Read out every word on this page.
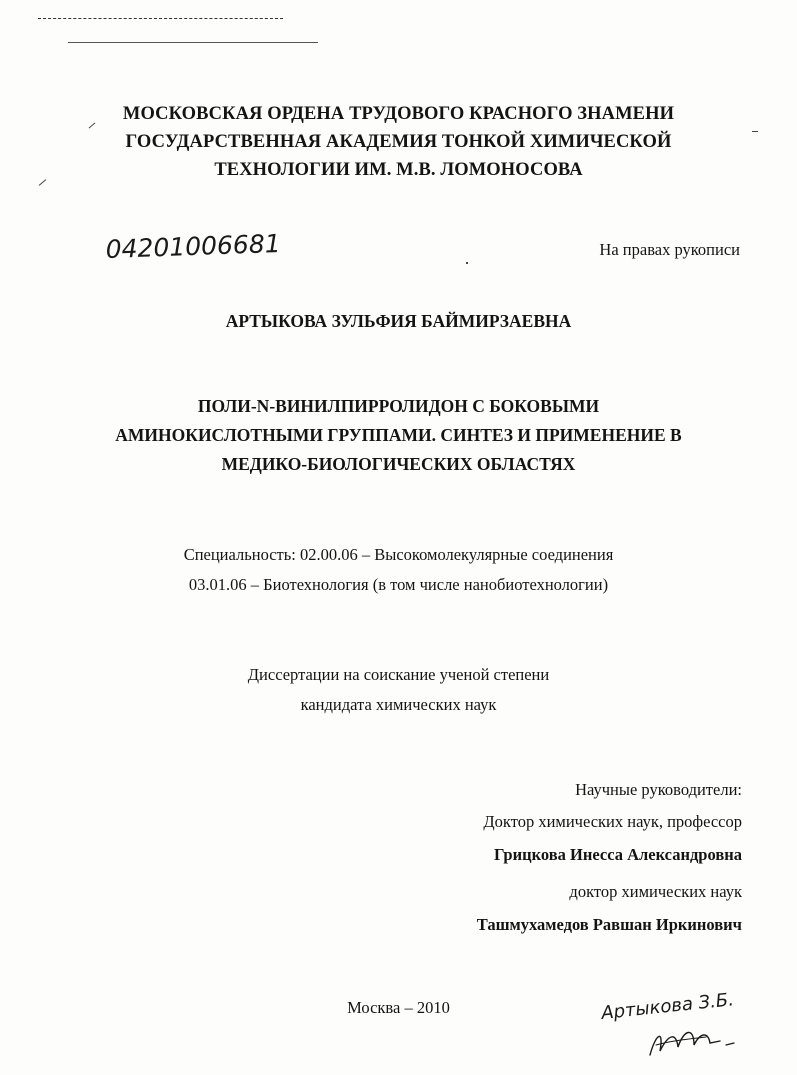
МОСКОВСКАЯ ОРДЕНА ТРУДОВОГО КРАСНОГО ЗНАМЕНИ
ГОСУДАРСТВЕННАЯ АКАДЕМИЯ ТОНКОЙ ХИМИЧЕСКОЙ
ТЕХНОЛОГИИ ИМ. М.В. ЛОМОНОСОВА
04201006681	На правах рукописи
АРТЫКОВА ЗУЛЬФИЯ БАЙМИРЗАЕВНА
ПОЛИ-N-ВИНИЛПИРРОЛИДОН С БОКОВЫМИ
АМИНОКИСЛОТНЫМИ ГРУППАМИ. СИНТЕЗ И ПРИМЕНЕНИЕ В
МЕДИКО-БИОЛОГИЧЕСКИХ ОБЛАСТЯХ
Специальность: 02.00.06 – Высокомолекулярные соединения
03.01.06 – Биотехнология (в том числе нанобиотехнологии)
Диссертации на соискание ученой степени
кандидата химических наук
Научные руководители:
Доктор химических наук, профессор
Грицкова Инесса Александровна
доктор химических наук
Ташмухамедов Равшан Иркинович
Москва – 2010	Артыкова З.Б.
